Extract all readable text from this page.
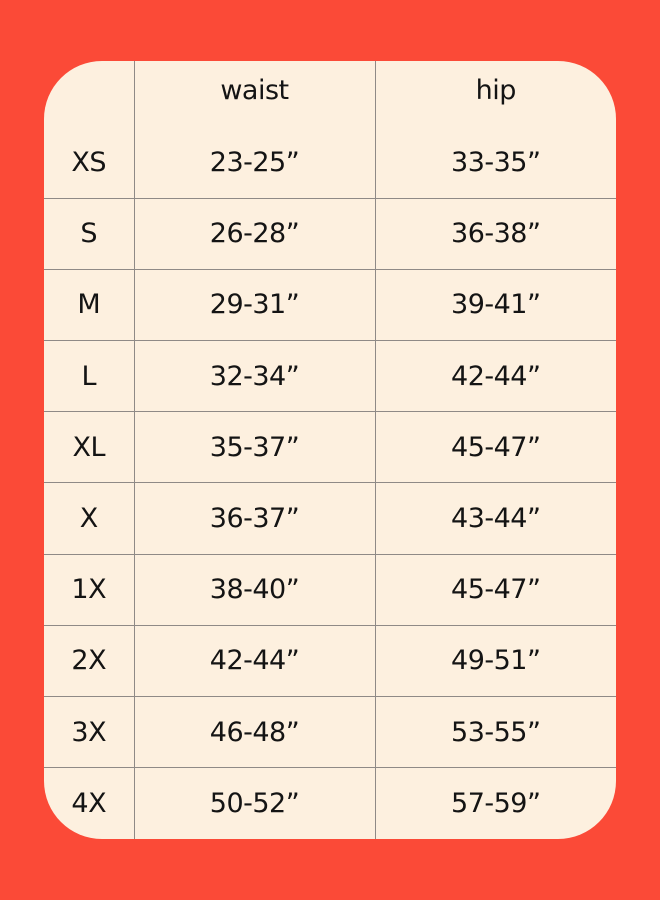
	waist	hip
XS	23-25”	33-35”
S	26-28”	36-38”
M	29-31”	39-41”
L	32-34”	42-44”
XL	35-37”	45-47”
X	36-37”	43-44”
1X	38-40”	45-47”
2X	42-44”	49-51”
3X	46-48”	53-55”
4X	50-52”	57-59”
